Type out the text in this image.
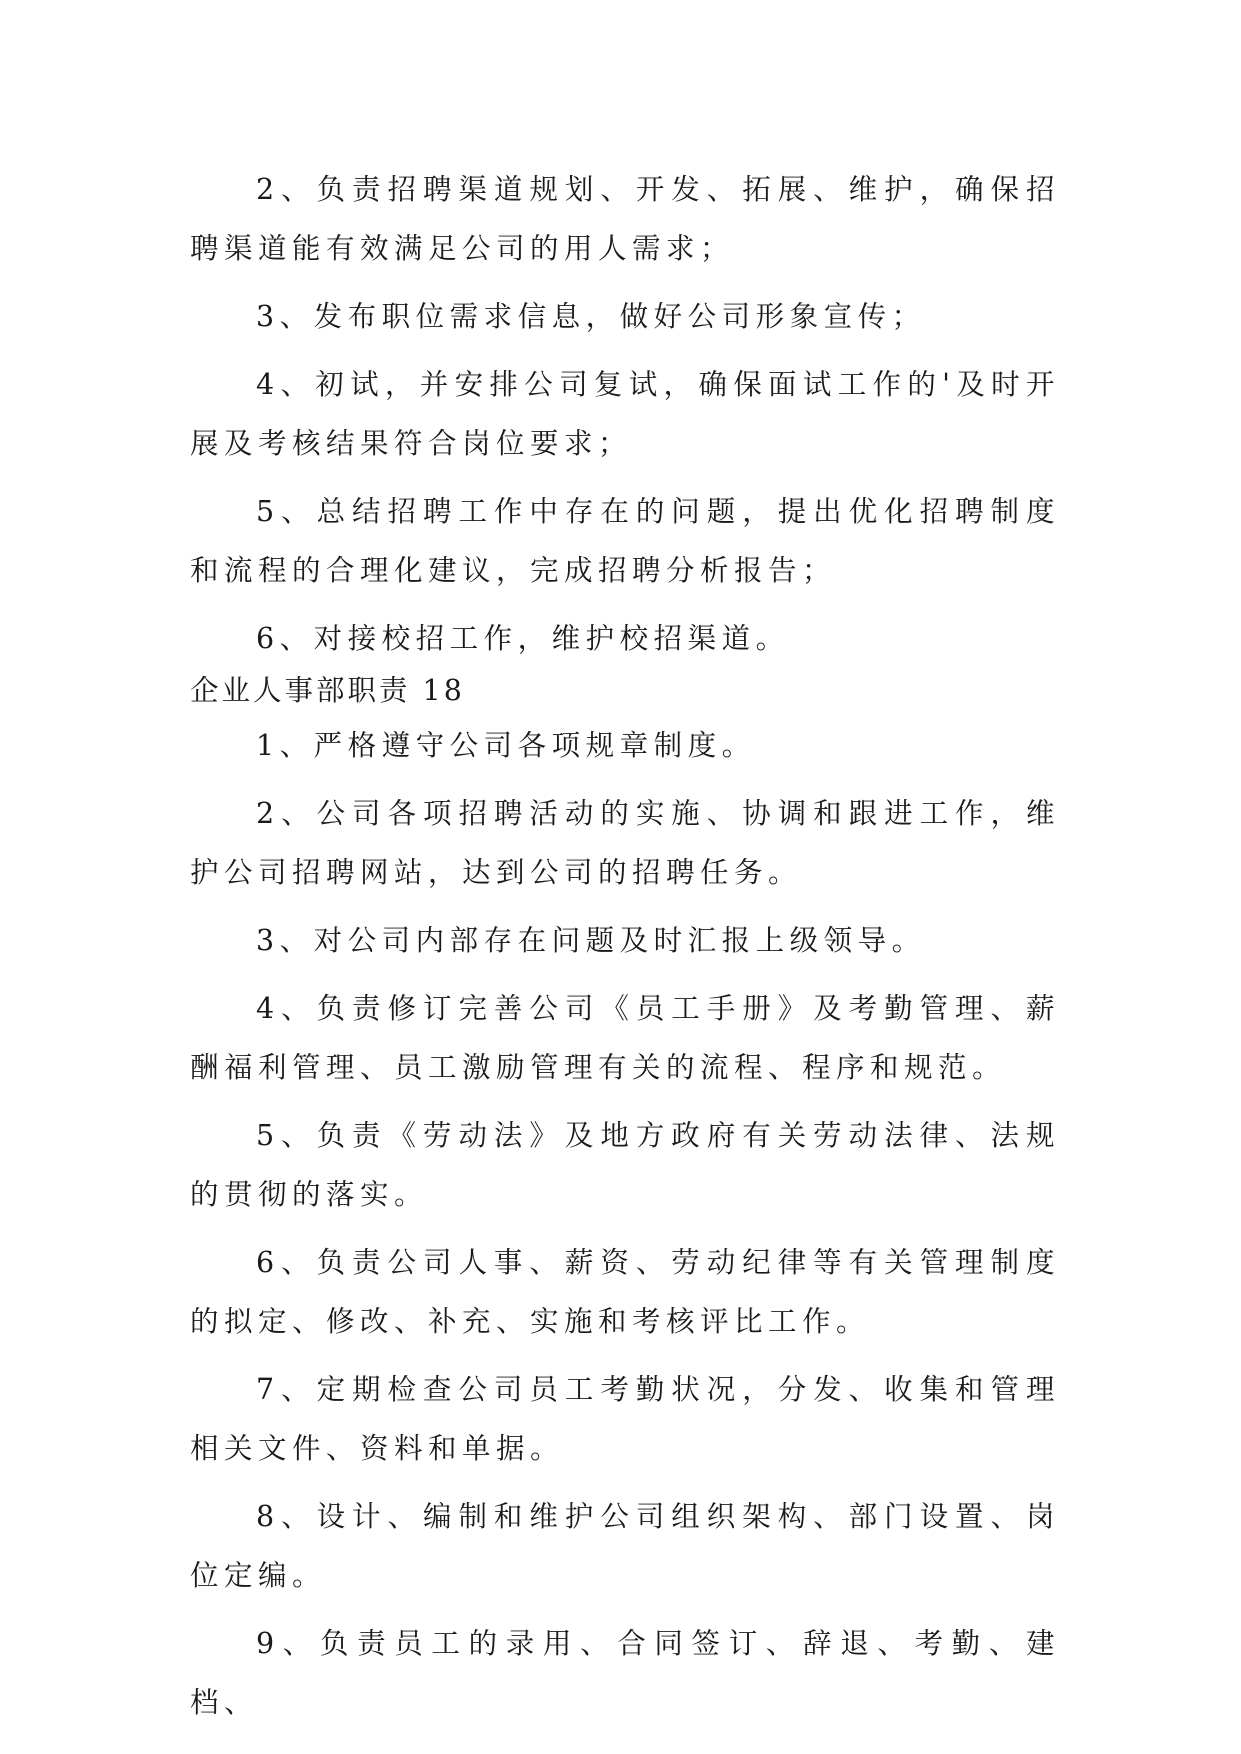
2、负责招聘渠道规划、开发、拓展、维护，确保招聘渠道能有效满足公司的用人需求；

3、发布职位需求信息，做好公司形象宣传；

4、初试，并安排公司复试，确保面试工作的'及时开展及考核结果符合岗位要求；

5、总结招聘工作中存在的问题，提出优化招聘制度和流程的合理化建议，完成招聘分析报告；

6、对接校招工作，维护校招渠道。

企业人事部职责 18

1、严格遵守公司各项规章制度。

2、公司各项招聘活动的实施、协调和跟进工作，维护公司招聘网站，达到公司的招聘任务。

3、对公司内部存在问题及时汇报上级领导。

4、负责修订完善公司《员工手册》及考勤管理、薪酬福利管理、员工激励管理有关的流程、程序和规范。

5、负责《劳动法》及地方政府有关劳动法律、法规的贯彻的落实。

6、负责公司人事、薪资、劳动纪律等有关管理制度的拟定、修改、补充、实施和考核评比工作。

7、定期检查公司员工考勤状况，分发、收集和管理相关文件、资料和单据。

8、设计、编制和维护公司组织架构、部门设置、岗位定编。

9、负责员工的录用、合同签订、辞退、考勤、建档、
